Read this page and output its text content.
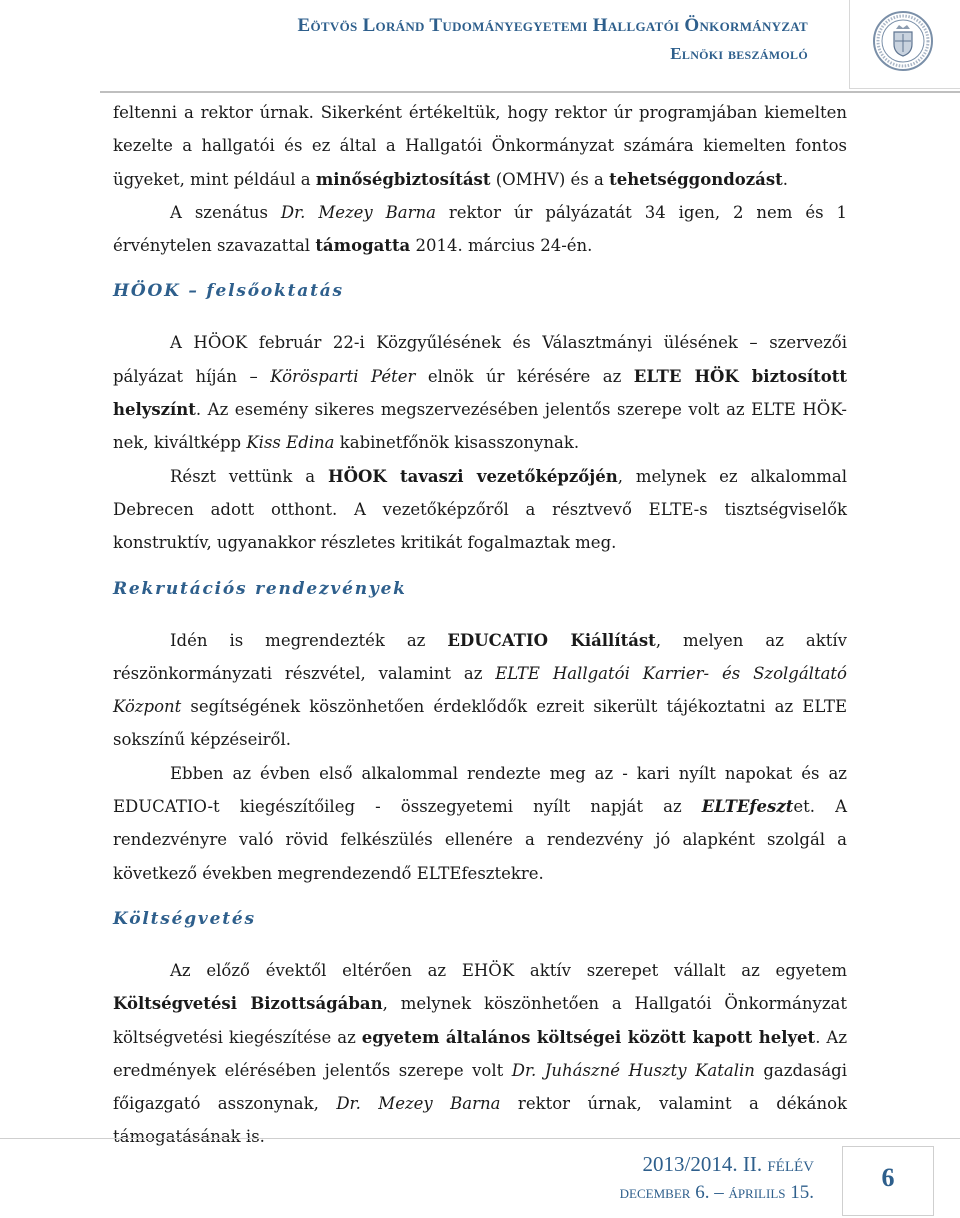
Eötvös Loránd Tudományegyetemi Hallgatói Önkormányzat
Elnöki beszámoló

feltenni a rektor úrnak. Sikerként értékeltük, hogy rektor úr programjában kiemelten kezelte a hallgatói és ez által a Hallgatói Önkormányzat számára kiemelten fontos ügyeket, mint például a minőségbiztosítást (OMHV) és a tehetséggondozást.

A szenátus Dr. Mezey Barna rektor úr pályázatát 34 igen, 2 nem és 1 érvénytelen szavazattal támogatta 2014. március 24-én.

HÖOK – felsőoktatás

A HÖOK február 22-i Közgyűlésének és Választmányi ülésének – szervezői pályázat híján – Körösparti Péter elnök úr kérésére az ELTE HÖK biztosított helyszínt. Az esemény sikeres megszervezésében jelentős szerepe volt az ELTE HÖK-nek, kiváltképp Kiss Edina kabinetfőnök kisasszonynak.

Részt vettünk a HÖOK tavaszi vezetőképzőjén, melynek ez alkalommal Debrecen adott otthont. A vezetőképzőről a résztvevő ELTE-s tisztségviselők konstruktív, ugyanakkor részletes kritikát fogalmaztak meg.

Rekrutációs rendezvények

Idén is megrendezték az EDUCATIO Kiállítást, melyen az aktív részönkormányzati részvétel, valamint az ELTE Hallgatói Karrier- és Szolgáltató Központ segítségének köszönhetően érdeklődők ezreit sikerült tájékoztatni az ELTE sokszínű képzéseiről.

Ebben az évben első alkalommal rendezte meg az - kari nyílt napokat és az EDUCATIO-t kiegészítőileg - összegyetemi nyílt napját az ELTEfesztet. A rendezvényre való rövid felkészülés ellenére a rendezvény jó alapként szolgál a következő években megrendezendő ELTEfesztekre.

Költségvetés

Az előző évektől eltérően az EHÖK aktív szerepet vállalt az egyetem Költségvetési Bizottságában, melynek köszönhetően a Hallgatói Önkormányzat költségvetési kiegészítése az egyetem általános költségei között kapott helyet. Az eredmények elérésében jelentős szerepe volt Dr. Juhászné Huszty Katalin gazdasági főigazgató asszonynak, Dr. Mezey Barna rektor úrnak, valamint a dékánok támogatásának is.

2013/2014. II. félév
december 6. – áprilils 15.
6
